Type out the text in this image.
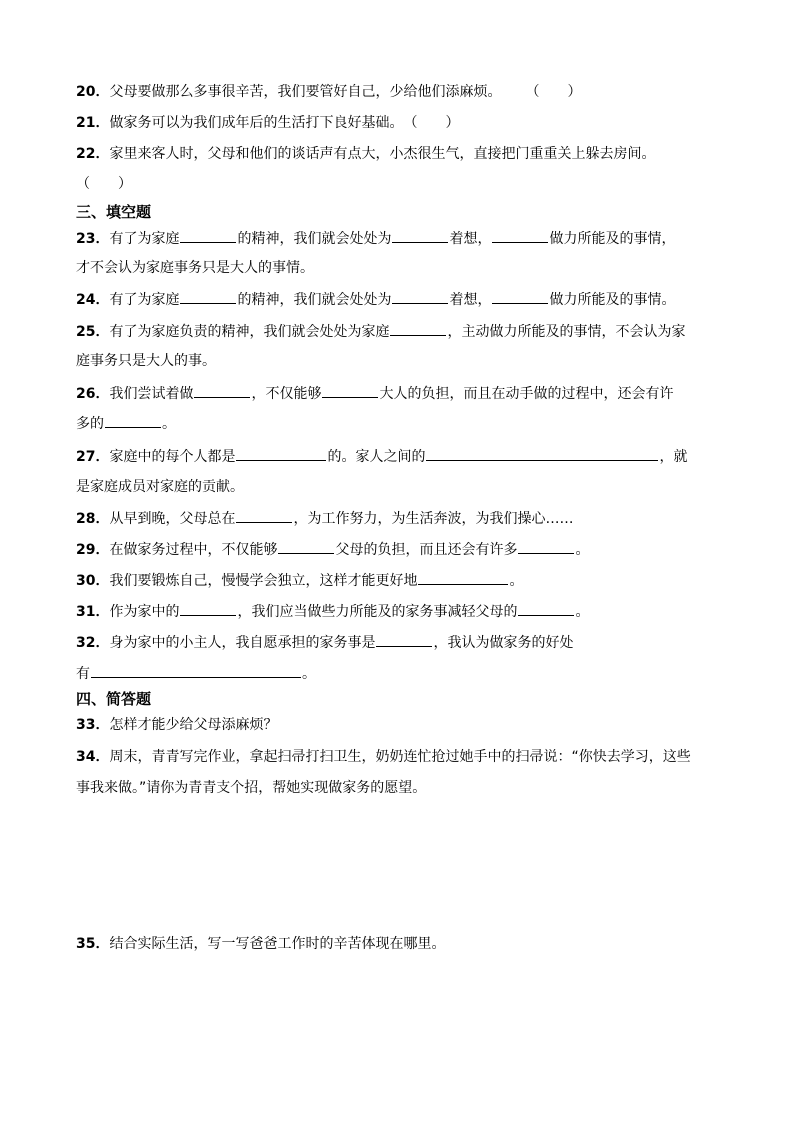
20．父母要做那么多事很辛苦，我们要管好自己，少给他们添麻烦。 （　　）
21．做家务可以为我们成年后的生活打下良好基础。（　　）
22．家里来客人时，父母和他们的谈话声有点大，小杰很生气，直接把门重重关上躲去房间。
（　　）
三、填空题
23．有了为家庭	的精神，我们就会处处为	着想，	做力所能及的事情，
才不会认为家庭事务只是大人的事情。
24．有了为家庭	的精神，我们就会处处为	着想，	做力所能及的事情。
25．有了为家庭负责的精神，我们就会处处为家庭	，主动做力所能及的事情，不会认为家
庭事务只是大人的事。
26．我们尝试着做	，不仅能够	大人的负担，而且在动手做的过程中，还会有许
多的	。
27．家庭中的每个人都是	的。家人之间的	，就
是家庭成员对家庭的贡献。
28．从早到晚，父母总在	，为工作努力，为生活奔波，为我们操心……
29．在做家务过程中，不仅能够	父母的负担，而且还会有许多	。
30．我们要锻炼自己，慢慢学会独立，这样才能更好地	。
31．作为家中的	，我们应当做些力所能及的家务事减轻父母的	。
32．身为家中的小主人，我自愿承担的家务事是	，我认为做家务的好处
有	。
四、简答题
33．怎样才能少给父母添麻烦？
34．周末，青青写完作业，拿起扫帚打扫卫生，奶奶连忙抢过她手中的扫帚说：“你快去学习，这些
事我来做。”请你为青青支个招，帮她实现做家务的愿望。
35．结合实际生活，写一写爸爸工作时的辛苦体现在哪里。
